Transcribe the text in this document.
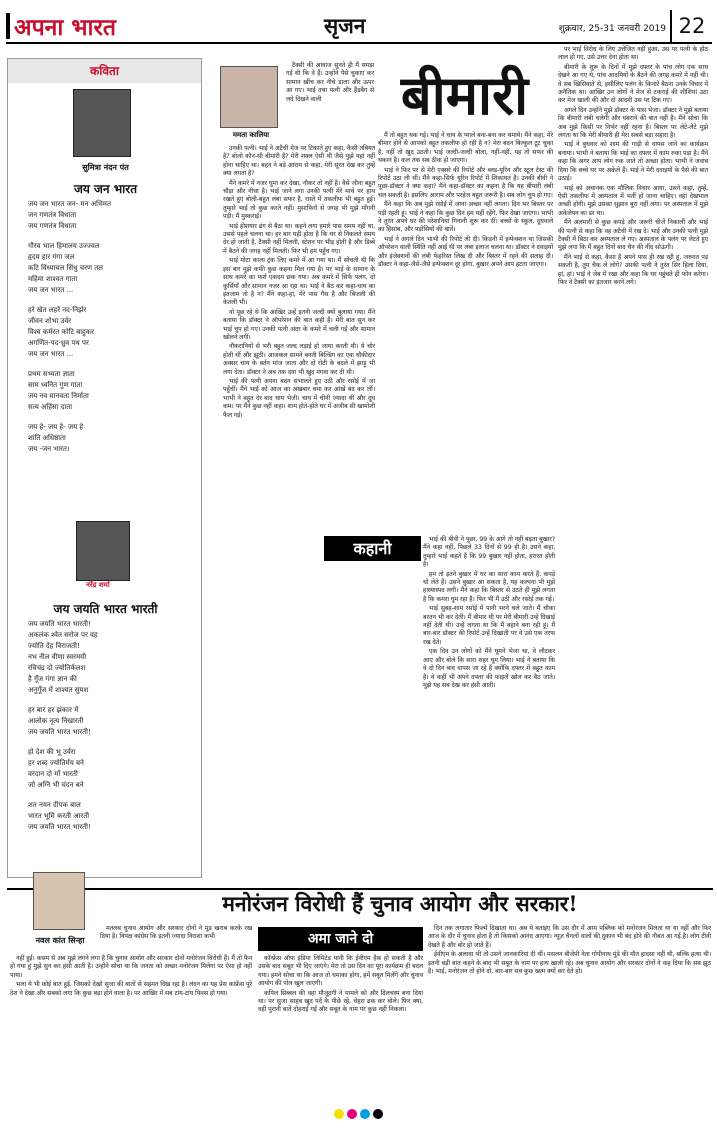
अपना भारत	सृजन	शुक्रवार, 25-31 जनवरी 2019 22
कविता
सुमित्रा नंदन पंत
जय जन भारत
जय जन भारत जन- मन अभिमत
जन गणतंत्र विधाता
जय गणतंत्र विधाता
गौरव भाल हिमालय उज्ज्वल
हृदय हार गंगा जल
कटि विंध्याचल सिंधु चरण तल
महिमा शाश्वत गाता
जय जन भारत ...
हरे खेत लहरें नद-निर्झर
जीवन शोभा उर्वर
विश्व कर्मरत कोटि बाहुकर
अगणित-पद-ध्रुव पथ पर
जय जन भारत ...
प्रथम सभ्यता ज्ञाता
साम ध्वनित गुण गाता
जय नव मानवता निर्माता
सत्य अहिंसा दाता
जय हे- जय हे- जय हे
शांति अधिष्ठाता
जय -जन भारत।
नरेंद्र शर्मा
जय जयति भारत भारती
जय जयति भारत भारती!
अकलंक श्वेत सरोज पर वह
ज्योति देह विराजती!
नभ नील वीणा स्वरमयी
रविचंद्र दो ज्योतिर्कलश
है गूँज गंगा ज्ञान की
अनुगूँज में शाश्वत सुयश
हर बार हर झंकार में
आलोक नृत्य निखारती
जय जयति भारत भारती!
हो देश की भू उर्वरा
हर शब्द ज्योतिर्मय बने
वरदान दो माँ भारती
जो अग्नि भी चंदन बने
शत नयन दीपक बाल
भारत भूमि करती आरती
जय जयति भारत भारती!
ममता कालिया

टैक्सी की आवाज सुनते ही मैं समझ गई थी कि वे हैं। उन्होंने पैसे चुकाए कर सामान खींच कर नीचे डाला और ऊपर आ गए। भाई तथा पत्नी और हैंडबैग से लदे दिखने वाली

उनकी पत्नी। भाई ने अटैची मेज पर टिकाते हुए कहा, कैसी तबियत है? बोलो कौन-सी बीमारी है? मेरी शक्ल ऐसी थी जैसे मुझे यहां नहीं होना चाहिए था। बहन ने बड़े आराम से कहा, मेरी सूरत देख कर तुम्हें क्या लगता है?

मैंने कमरे में नजर घुमा कर देखा, नौकर तो नहीं है। वैसे जीना बहुत चौड़ा और नीचा है। भाई जाने लगा उनकी पत्नी मेरे माथे पर हाथ रखते हुए बोली-बहुत लंबा सफर है, रास्ते में तकलीफ भी बहुत हुई। तुम्हारे भाई तो कुछ करते नहीं। मुसाफिरों से जगह भी मुझे माँगनी पड़ी। मैं मुस्कराई।

भाई होशयार ढंग से बैठा था। कहने लगा हमारे पास समय नहीं था, उससे पहले चलना था। हर बार यही होता है कि घर से निकलते समय देर हो जाती है, टैक्सी नहीं मिलती, स्टेशन पर भीड़ होती है और डिब्बे में बैठने की जगह नहीं मिलती। फिर भी हम पहुँच गए।

भाई मोटा काला ट्रंक लिए कमरे में आ गया था। मैं सोचती थी कि इस बार मुझे कफी कुछ कहना मिल गया है। पर भाई के सामान के साथ कमरे का फर्श एकदम छक गया। अब कमरे में सिर्फ पलंग, दो कुर्सियाँ और सामान नजर आ रहा था। भाई ने बैठ कर कहा-चाय का इंतजाम तो है न? मैंने कहा-हां, मेरे पास गैस है और बिजली की केतली भी।

वो पूछ रहे थे कि आखिर उन्हें इतनी जल्दी क्यों बुलाया गया। मैंने बताया कि डॉक्टर ने ऑपरेशन की बात कही है। मेरी बात सुन कर भाई चुप हो गए। उनकी पत्नी अंदर के कमरे में चली गईं और सामान खोलने लगीं।

नौकरानियों से भरी बहुत जल्द लड़ाई हो जाया करती थी। ये चोर होती थीं और झूठी। आजकल सामने बनती बिल्डिंग का एक चौकीदार अक्सर चाय के बर्तन मांज जाता और दो रोटी के बदले में झाड़ू भी लगा देता। डॉक्टर ने अब तक दवा भी खुद मंगवा कर दी थी।

भाई की पत्नी अपना बदन संभालते हुए उठी और रसोई में जा पहुँचीं। मैंने भाई को आज का अखबार थमा कर आंखें बंद कर लीं। भाभी ने बहुत देर बाद चाय भेजी। चाय में चीनी ज्यादा थी और दूध कम। पर मैंने कुछ नहीं कहा। शाम होते-होते घर में अजीब सी खामोशी फैल गई।

बीमारी

मैं तो बहुत थक गई। भाई ने चाय के प्याले बना-बना कर थमाये। मैंने कहा, मेरे बीमार होने से आपको बहुत तकलीफ हो रही है न? मेरा बदन बिल्कुल टूट चुका है, नहीं तो खुद उठती। भाई जल्दी-जल्दी बोला, नहीं-नहीं, यह तो सफर की थकान है। कल तक सब ठीक हो जाएगा।

भाई ने फिर पर से मेरी एक्सरे की रिपोर्ट और ब्लड-यूरिन और स्टूल टेस्ट की रिपोर्ट उठा ली थीं। मैंने कहा-सिर्फ यूरिन रिपोर्ट में शिकायत है। उनकी बीवी ने पूछा-डॉक्टर ने क्या कहा? मैंने कहा-डॉक्टर का कहना है कि यह बीमारी लंबी चल सकती है। इसलिए आराम और परहेज बहुत जरूरी है। सब लोग चुप हो गए।

मैंने कहा कि अब मुझे रसोई में जाना अच्छा नहीं लगता। दिन भर बिस्तर पर पड़ी रहती हूं। भाई ने कहा कि कुछ दिन हम यहीं रहेंगे, फिर देखा जाएगा। भाभी ने तुरंत अपने घर की परेशानियां गिनानी शुरू कर दीं। बच्चों के स्कूल, दूधवाले का हिसाब, और पड़ोसियों की बातें।

भाई ने अगले दिन भाभी की रिपोर्ट ली दी। किडनी में इन्फेक्शन था जिसकी ऑपरेशन वाली स्थिति नहीं आई थी पर लंबा इलाज चलना था। डॉक्टर ने दवाइयों और इंजेक्शनों की लंबी फेहरिस्त लिख दी और बिस्तर में रहने की सलाह दी। डॉक्टर ने कहा-जैसे-जैसे इन्फेक्शन दूर होगा, बुखार अपने आप हटता जाएगा।

कहानी	भाई की बीवी ने पूछा, 99 के आगे तो नहीं बढ़ता बुखार? मैंने कहा नहीं, पिछले 33 दिनों से 99 ही है। उसने कहा, तुम्हारे भाई कहते हैं कि 99 बुखार नहीं होता, हरारत होती है।

हम तो इतने बुखार में घर का सारा काम करते हैं, कपड़े धो लेते हैं। उसने बुखार आ सकता है, यह कल्पना भी मुझे हास्यास्पद लगी। मैंने कहा कि बिस्तर से उठते ही मुझे लगता है कि कमरा घूम रहा है। फिर भी मैं उठी और रसोई तक गई।

भाई सुबह-शाम रसोई में पानी भरने चले जाते। मैं चौका बरतन भी कर देती। मैं बीमार थी पर मेरी बीमारी उन्हें दिखाई नहीं देती थी। उन्हें लगता था कि मैं बहाने बना रही हूं। मैं बार-बार डॉक्टर की रिपोर्ट उन्हें दिखाती पर वे उसे एक तरफ रख देते।

एक दिन उन लोगों को मैंने घूमने भेजा था, वे लौटकर आए और बोले कि सारा शहर घूम लिया। भाई ने बताया कि वे दो दिन बाद वापस जा रहे हैं क्योंकि दफ्तर में बहुत काम है। वे कहीं भी अपने दफ्तर की फाइलें खोल कर बैठ जाते। मुझे यह सब देख कर हंसी आती।

पर भाई विरोध के लिए उत्तेजित नहीं हुआ, उस पर पत्नी के होठ लाल हो गए, उसे उत्तर देना होता था।

बीमारी के शुरू के दिनों में मुझे दफ्तर के पांच लोग एक साथ देखने आ गए थे, पांच आदमियों के बैठने की जगह कमरे में नहीं थी। वे सब खिसियाते से, इसीलिए पलंग के किनारे बैठना उनके विचार में अनैतिक था। आखिर उन लोगों ने मेज से टकराई की शीशियां उठा कर मेज खाली की और दो आदमी उस पर टिक गए।

अगले दिन उन्होंने मुझे डॉक्टर के पास भेजा। डॉक्टर ने मुझे बताया कि बीमारी लंबी चलेगी और घबराने की बात नहीं है। मैंने सोचा कि अब मुझे किसी पर निर्भर नहीं रहना है। बिस्तर पर लेटे-लेटे मुझे लगता था कि मेरी बीमारी ही मेरा सबसे बड़ा सहारा है।

भाई ने बुधवार को शाम की गाड़ी से वापस जाने का कार्यक्रम बनाया। भाभी ने बताया कि भाई का दफ्तर में काम रुका पड़ा है। मैंने कहा कि अगर आप लोग रुक जाते तो अच्छा होता। भाभी ने जवाब दिया कि बच्चे घर पर अकेले हैं। भाई ने मेरी दवाइयों के पैसे की बात उठाई।

भाई को अचानक एक मौलिक विचार आया, उसने कहा, तुम्हें, ऐसी तकलीफ में अस्पताल में भर्ती हो जाना चाहिए। वहां देखभाल अच्छी होगी। मुझे उसका सुझाव बुरा नहीं लगा। पर अस्पताल में मुझे अकेलेपन का डर था।

मैंने अलमारी से कुछ कपड़े और जरूरी चीजें निकालीं और भाई की पत्नी से कहा कि वह अटैची में रख दे। भाई और उनकी पत्नी मुझे टैक्सी में बिठा कर अस्पताल ले गए। अस्पताल के पलंग पर लेटते हुए मुझे लगा कि मैं बहुत दिनों बाद चैन की नींद सोऊंगी।

मैंने भाई से कहा, कैसा है अपने पास ही रख रही हूं, जरूरत पड़ सकती है, तुम चैक ले लोगे? उसकी पत्नी ने तुरंत सिर हिला दिया, हां, हां। भाई ने जेब में रखा और कहा कि घर पहुंचते ही फोन करेगा। फिर वे टैक्सी का इंतजार करने लगे।

नवल कांत सिन्हा
मनोरंजन विरोधी हैं चुनाव आयोग और सरकार!

मतलब चुनाव आयोग और सरकार दोनों ने मूड खराब करके रख दिया है। विपक्ष कांग्रेस कि इतनी ज्यादा निराशा कभी	अमा जाने दो

नहीं हुई। कसम से अब मुझे लगने लगा है कि चुनाव आयोग और सरकार दोनों मनोरंजन विरोधी हैं। मैं तो फैन हो गया हूं मुझे सुन कर हंसी आती है। उन्होंने सोचा था कि जनता को अच्छा मनोरंजन मिलेगा पर ऐसा हो नहीं पाया।

भला ये भी कोई बात हुई, जिसको देखो सुजा की बातों से सहमत दिख रहा है। लंदन का यह प्रेस कांफ्रेंस पूरे देश ने देखा और सबको लगा कि कुछ बड़ा होने वाला है। पर आखिर में सब टांय-टांय फिस्स हो गया।

कॉन्फ्रेंस ऑफ इंडिया लिमिटेड यानी कि ईवीएम हैक हो सकती है और उसके बाद सबूत भी दिए जाएंगे। मेरा तो उस दिन का पूरा कार्यक्रम ही बदल गया। हमने सोचा था कि आज तो धमाका होगा, हमें सबूत मिलेंगे और चुनाव आयोग की पोल खुल जाएगी।

कपिल सिब्बल की वहां मौजूदगी ने मामले को और दिलचस्प बना दिया था। पर सुजा साहब खुद पर्दे के पीछे रहे, चेहरा ढक कर बोले। फिर क्या, वही पुरानी बातें दोहराई गईं और सबूत के नाम पर कुछ नहीं निकला।

दिन तक लगातार फिल्में दिखाता था। अब ये बताइए कि उस दौर में आम पब्लिक को मनोरंजन मिलता था या नहीं और फिर आज के दौर में चुनाव होता है तो किसको आनंद आएगा। न्यूज़ चैनलों वालों की दुकान भी बंद होने की नौबत आ गई है। लोग टीवी देखते हैं और बोर हो जाते हैं।

ईवीएम के अलावा भी तो उसने जानकारियां दी थीं। मसलन बीजेपी नेता गोपीनाथ मुंडे की मौत हादसा नहीं थी, बल्कि हत्या थी। इतनी बड़ी बात कहने के बाद भी सबूत के नाम पर हाथ खाली रहे। अब चुनाव आयोग और सरकार दोनों ने कह दिया कि सब झूठ है। भाई, मनोरंजन तो होने दो, बार-बार सब कुछ खत्म क्यों कर देते हो।
